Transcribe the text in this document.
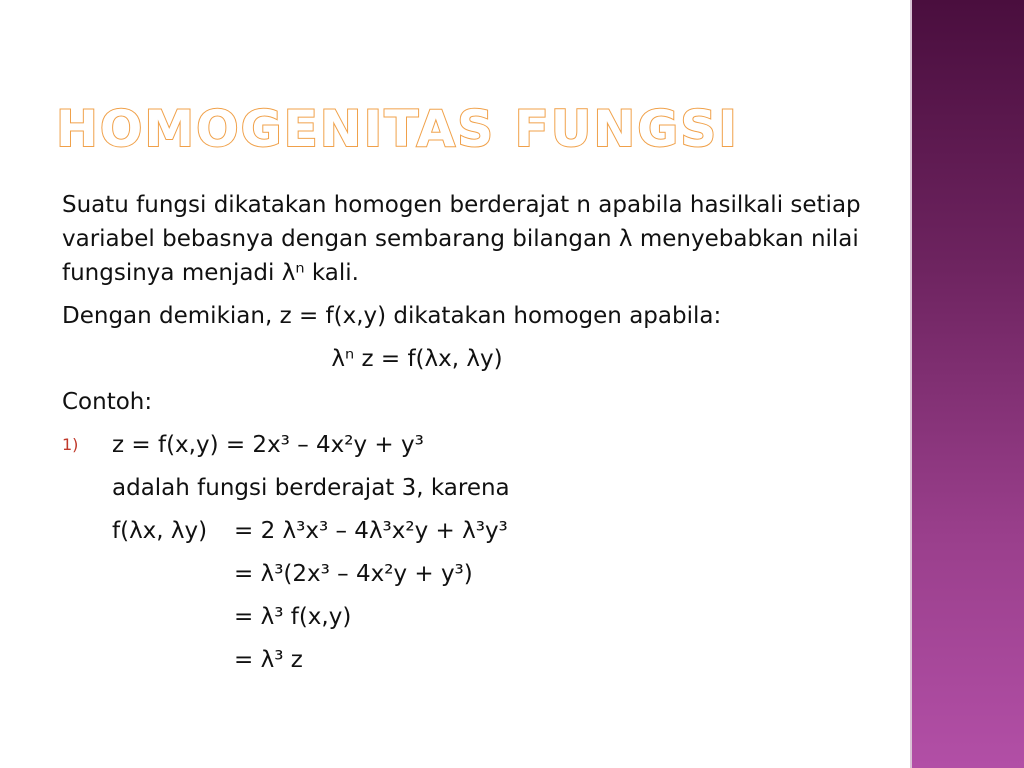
HOMOGENITAS FUNGSI

Suatu fungsi dikatakan homogen berderajat n apabila hasilkali setiap variabel bebasnya dengan sembarang bilangan λ menyebabkan nilai fungsinya menjadi λⁿ kali.

Dengan demikian, z = f(x,y) dikatakan homogen apabila:

λⁿ z = f(λx, λy)

Contoh:

1) z = f(x,y) = 2x³ – 4x²y + y³

adalah fungsi berderajat 3, karena

f(λx, λy)	= 2 λ³x³ – 4λ³x²y + λ³y³
= λ³(2x³ – 4x²y + y³)
= λ³ f(x,y)
= λ³ z
